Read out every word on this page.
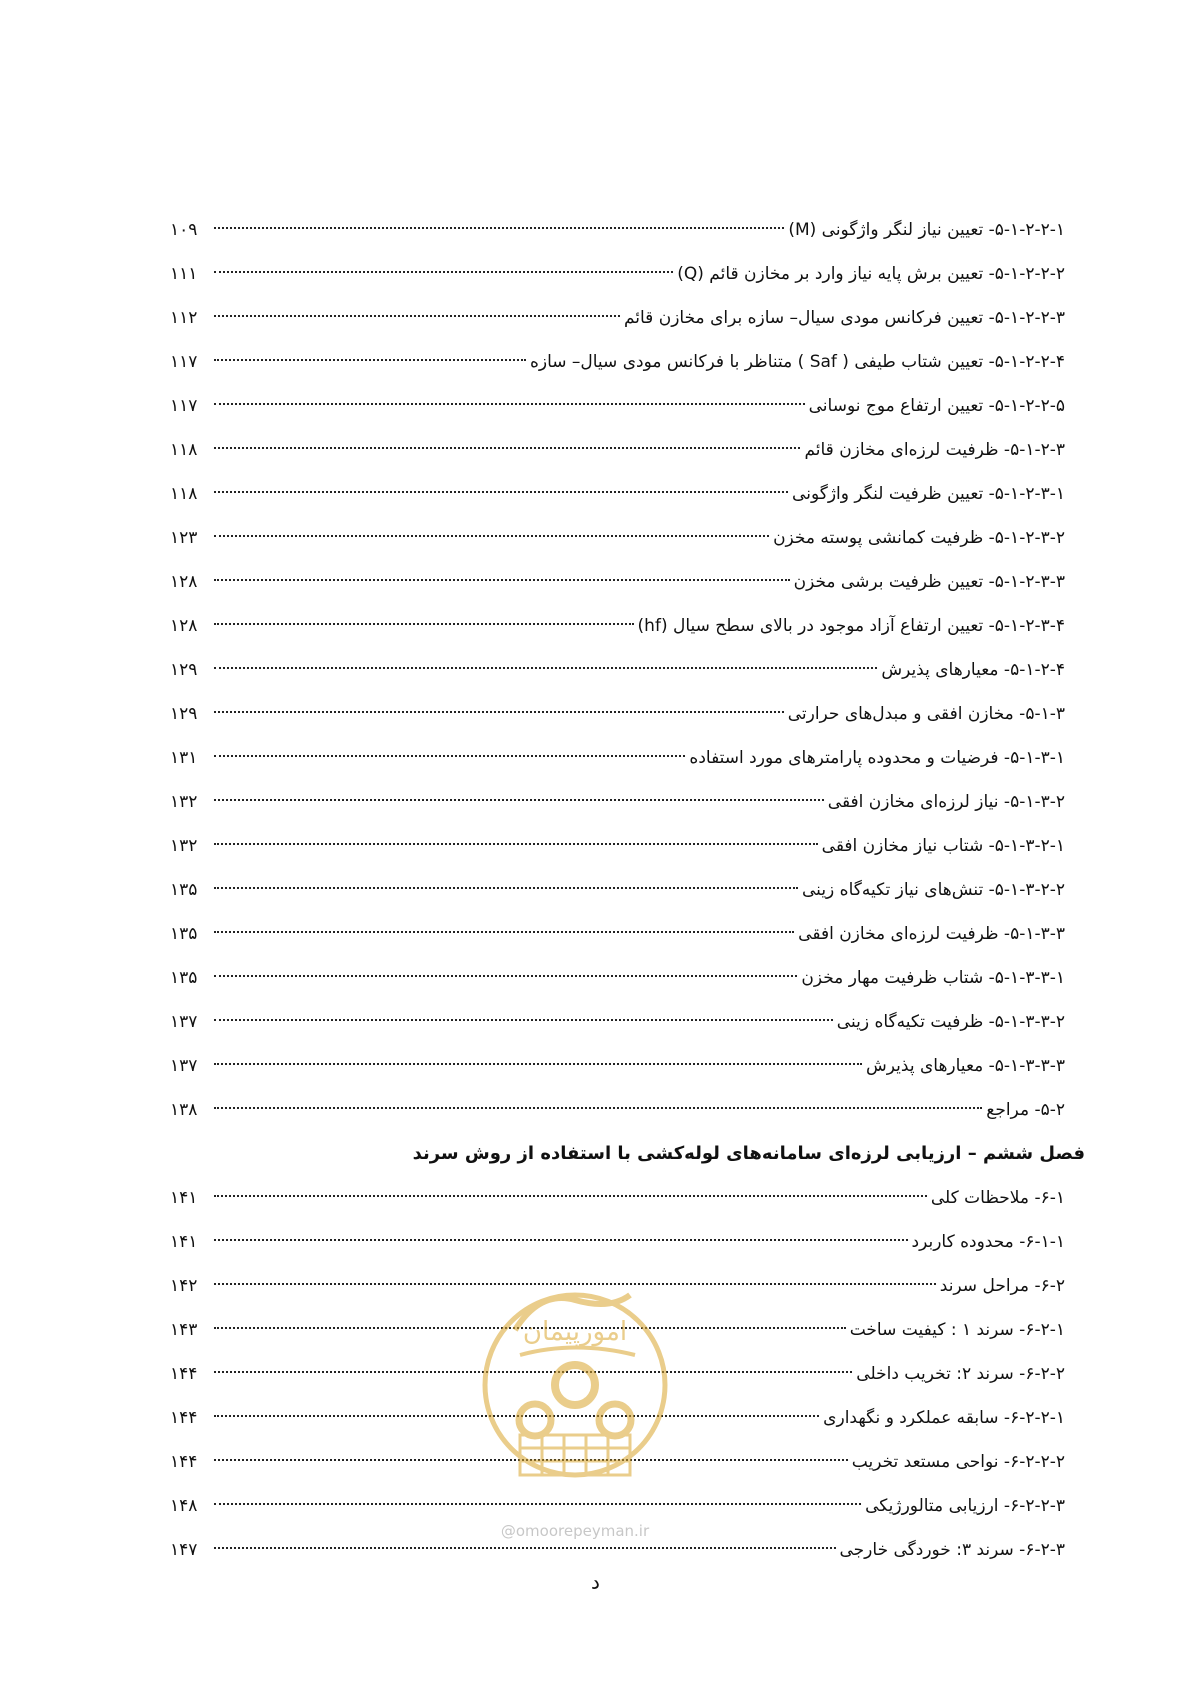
۵-۱-۲-۲-۱- تعیین نیاز لنگر واژگونی (M)
۱۰۹
۵-۱-۲-۲-۲- تعیین برش پایه نیاز وارد بر مخازن قائم (Q)
۱۱۱
۵-۱-۲-۲-۳- تعیین فرکانس مودی سیال– سازه برای مخازن قائم
۱۱۲
۵-۱-۲-۲-۴- تعیین شتاب طیفی ( Saf ) متناظر با فرکانس مودی سیال– سازه
۱۱۷
۵-۱-۲-۲-۵- تعیین ارتفاع موج نوسانی
۱۱۷
۵-۱-۲-۳- ظرفیت لرزه‌ای مخازن قائم
۱۱۸
۵-۱-۲-۳-۱- تعیین ظرفیت لنگر واژگونی
۱۱۸
۵-۱-۲-۳-۲- ظرفیت کمانشی پوسته مخزن
۱۲۳
۵-۱-۲-۳-۳- تعیین ظرفیت برشی مخزن
۱۲۸
۵-۱-۲-۳-۴- تعیین ارتفاع آزاد موجود در بالای سطح سیال (hf)
۱۲۸
۵-۱-۲-۴- معیارهای پذیرش
۱۲۹
۵-۱-۳- مخازن افقی و مبدل‌های حرارتی
۱۲۹
۵-۱-۳-۱- فرضیات و محدوده پارامترهای مورد استفاده
۱۳۱
۵-۱-۳-۲- نیاز لرزه‌ای مخازن افقی
۱۳۲
۵-۱-۳-۲-۱- شتاب نیاز مخازن افقی
۱۳۲
۵-۱-۳-۲-۲- تنش‌های نیاز تکیه‌گاه زینی
۱۳۵
۵-۱-۳-۳- ظرفیت لرزه‌ای مخازن افقی
۱۳۵
۵-۱-۳-۳-۱- شتاب ظرفیت مهار مخزن
۱۳۵
۵-۱-۳-۳-۲- ظرفیت تکیه‌گاه زینی
۱۳۷
۵-۱-۳-۳-۳- معیارهای پذیرش
۱۳۷
۵-۲- مراجع
۱۳۸
فصل ششم – ارزیابی لرزه‌ای سامانه‌های لوله‌کشی با استفاده از روش سرند
۶-۱- ملاحظات کلی
۱۴۱
۶-۱-۱- محدوده کاربرد
۱۴۱
۶-۲- مراحل سرند
۱۴۲
۶-۲-۱- سرند ۱ : کیفیت ساخت
۱۴۳
۶-۲-۲- سرند ۲: تخریب داخلی
۱۴۴
۶-۲-۲-۱- سابقه عملکرد و نگهداری
۱۴۴
۶-۲-۲-۲- نواحی مستعد تخریب
۱۴۴
۶-۲-۲-۳- ارزیابی متالورژیکی
۱۴۸
۶-۲-۳- سرند ۳: خوردگی خارجی
۱۴۷
امورپیمان
@omoorepeyman.ir
د
